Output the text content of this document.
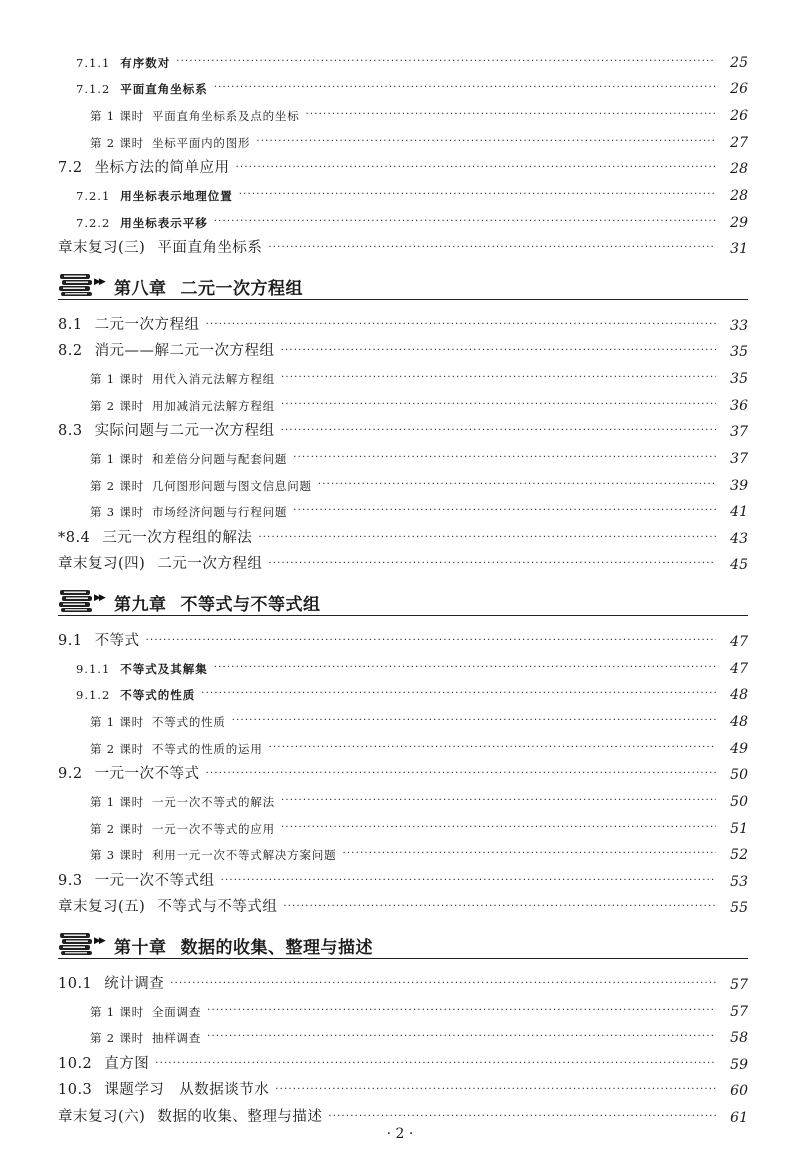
7.1.1 有序数对 ·····	25
7.1.2 平面直角坐标系 ·····	26
第 1 课时 平面直角坐标系及点的坐标 ·····	26
第 2 课时 坐标平面内的图形 ·····	27
7.2 坐标方法的简单应用 ·····	28
7.2.1 用坐标表示地理位置 ·····	28
7.2.2 用坐标表示平移 ·····	29
章末复习(三) 平面直角坐标系 ·····	31
▶▶ 第八章 二元一次方程组
8.1 二元一次方程组 ·····	33
8.2 消元——解二元一次方程组 ·····	35
第 1 课时 用代入消元法解方程组 ·····	35
第 2 课时 用加减消元法解方程组 ·····	36
8.3 实际问题与二元一次方程组 ·····	37
第 1 课时 和差倍分问题与配套问题 ·····	37
第 2 课时 几何图形问题与图文信息问题 ·····	39
第 3 课时 市场经济问题与行程问题 ·····	41
*8.4 三元一次方程组的解法 ·····	43
章末复习(四) 二元一次方程组 ·····	45
▶▶ 第九章 不等式与不等式组
9.1 不等式 ·····	47
9.1.1 不等式及其解集 ·····	47
9.1.2 不等式的性质 ·····	48
第 1 课时 不等式的性质 ·····	48
第 2 课时 不等式的性质的运用 ·····	49
9.2 一元一次不等式 ·····	50
第 1 课时 一元一次不等式的解法 ·····	50
第 2 课时 一元一次不等式的应用 ·····	51
第 3 课时 利用一元一次不等式解决方案问题 ·····	52
9.3 一元一次不等式组 ·····	53
章末复习(五) 不等式与不等式组 ·····	55
▶▶ 第十章 数据的收集、整理与描述
10.1 统计调查 ·····	57
第 1 课时 全面调查 ·····	57
第 2 课时 抽样调查 ·····	58
10.2 直方图 ·····	59
10.3 课题学习　从数据谈节水 ·····	60
章末复习(六) 数据的收集、整理与描述 ·····	61
· 2 ·
